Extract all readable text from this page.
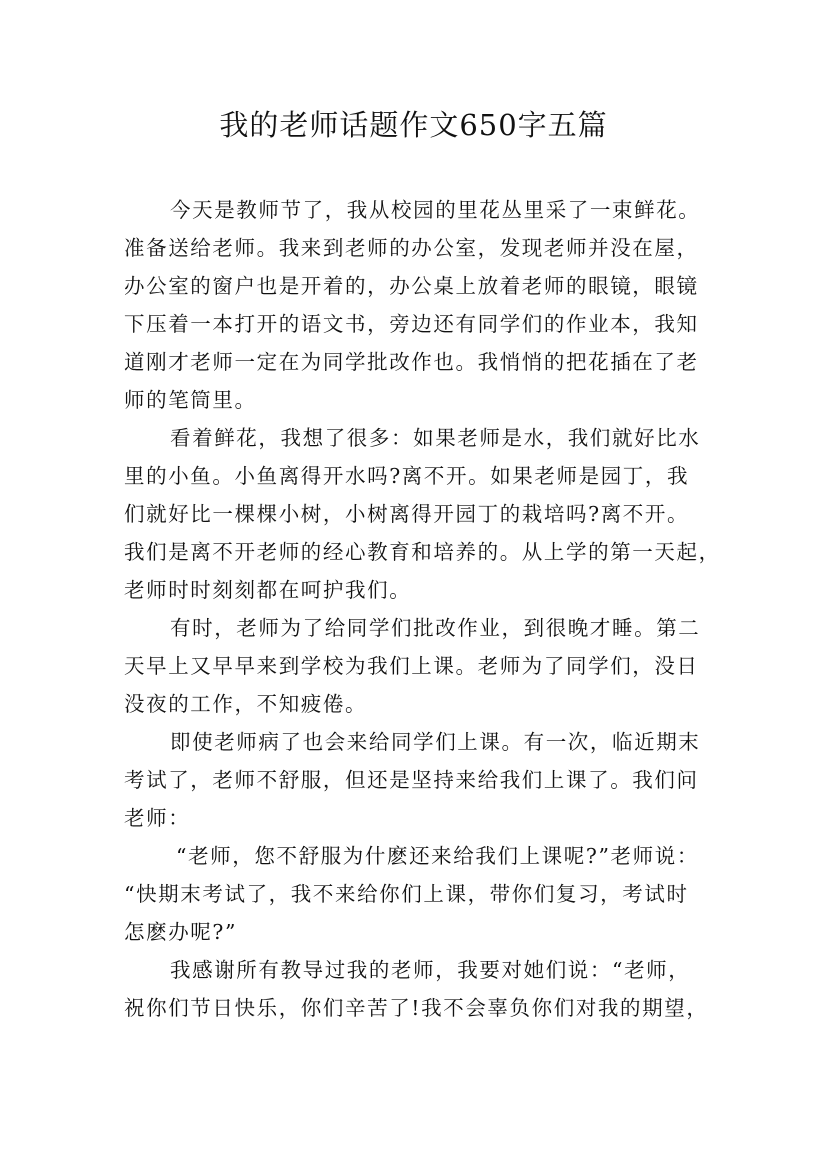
我的老师话题作文650字五篇
今天是教师节了，我从校园的里花丛里采了一束鲜花。
准备送给老师。我来到老师的办公室，发现老师并没在屋，
办公室的窗户也是开着的，办公桌上放着老师的眼镜，眼镜
下压着一本打开的语文书，旁边还有同学们的作业本，我知
道刚才老师一定在为同学批改作也。我悄悄的把花插在了老
师的笔筒里。
看着鲜花，我想了很多：如果老师是水，我们就好比水
里的小鱼。小鱼离得开水吗?离不开。如果老师是园丁，我
们就好比一棵棵小树，小树离得开园丁的栽培吗?离不开。
我们是离不开老师的经心教育和培养的。从上学的第一天起，
老师时时刻刻都在呵护我们。
有时，老师为了给同学们批改作业，到很晚才睡。第二
天早上又早早来到学校为我们上课。老师为了同学们，没日
没夜的工作，不知疲倦。
即使老师病了也会来给同学们上课。有一次，临近期末
考试了，老师不舒服，但还是坚持来给我们上课了。我们问
老师：
“老师，您不舒服为什麽还来给我们上课呢?”老师说：
“快期末考试了，我不来给你们上课，带你们复习，考试时
怎麽办呢?”
我感谢所有教导过我的老师，我要对她们说：“老师，
祝你们节日快乐，你们辛苦了!我不会辜负你们对我的期望，
